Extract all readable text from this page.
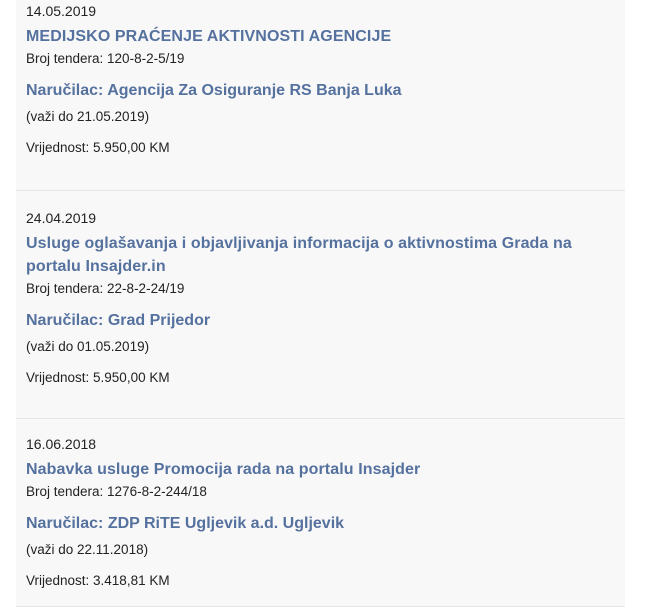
14.05.2019
MEDIJSKO PRAĆENJE AKTIVNOSTI AGENCIJE
Broj tendera: 120-8-2-5/19
Naručilac: Agencija Za Osiguranje RS Banja Luka
(važi do 21.05.2019)
Vrijednost: 5.950,00 KM
24.04.2019
Usluge oglašavanja i objavljivanja informacija o aktivnostima Grada na portalu Insajder.in
Broj tendera: 22-8-2-24/19
Naručilac: Grad Prijedor
(važi do 01.05.2019)
Vrijednost: 5.950,00 KM
16.06.2018
Nabavka usluge Promocija rada na portalu Insajder
Broj tendera: 1276-8-2-244/18
Naručilac: ZDP RiTE Ugljevik a.d. Ugljevik
(važi do 22.11.2018)
Vrijednost: 3.418,81 KM
